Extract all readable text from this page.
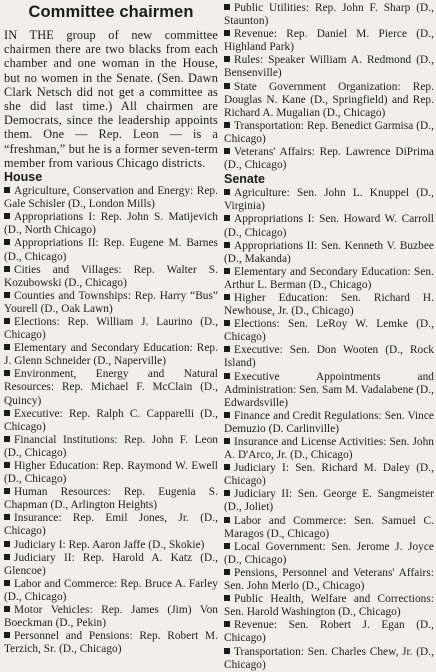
Committee chairmen

IN THE group of new committee chairmen there are two blacks from each chamber and one woman in the House, but no women in the Senate. (Sen. Dawn Clark Netsch did not get a committee as she did last time.) All chairmen are Democrats, since the leadership appoints them. One — Rep. Leon — is a “freshman,” but he is a former seven-term member from various Chicago districts.

House
Agriculture, Conservation and Energy: Rep. Gale Schisler (D., London Mills)
Appropriations I: Rep. John S. Matijevich (D., North Chicago)
Appropriations II: Rep. Eugene M. Barnes (D., Chicago)
Cities and Villages: Rep. Walter S. Kozubowski (D., Chicago)
Counties and Townships: Rep. Harry “Bus” Yourell (D., Oak Lawn)
Elections: Rep. William J. Laurino (D., Chicago)
Elementary and Secondary Education: Rep. J. Glenn Schneider (D., Naperville)
Environment, Energy and Natural Resources: Rep. Michael F. McClain (D., Quincy)
Executive: Rep. Ralph C. Capparelli (D., Chicago)
Financial Institutions: Rep. John F. Leon (D., Chicago)
Higher Education: Rep. Raymond W. Ewell (D., Chicago)
Human Resources: Rep. Eugenia S. Chapman (D., Arlington Heights)
Insurance: Rep. Emil Jones, Jr. (D., Chicago)
Judiciary I: Rep. Aaron Jaffe (D., Skokie)
Judiciary II: Rep. Harold A. Katz (D., Glencoe)
Labor and Commerce: Rep. Bruce A. Farley (D., Chicago)
Motor Vehicles: Rep. James (Jim) Von Boeckman (D., Pekin)
Personnel and Pensions: Rep. Robert M. Terzich, Sr. (D., Chicago)
Public Utilities: Rep. John F. Sharp (D., Staunton)
Revenue: Rep. Daniel M. Pierce (D., Highland Park)
Rules: Speaker William A. Redmond (D., Bensenville)
State Government Organization: Rep. Douglas N. Kane (D., Springfield) and Rep. Richard A. Mugalian (D., Chicago)
Transportation: Rep. Benedict Garmisa (D., Chicago)
Veterans' Affairs: Rep. Lawrence DiPrima (D., Chicago)
Senate
Agriculture: Sen. John L. Knuppel (D., Virginia)
Appropriations I: Sen. Howard W. Carroll (D., Chicago)
Appropriations II: Sen. Kenneth V. Buzbee (D., Makanda)
Elementary and Secondary Education: Sen. Arthur L. Berman (D., Chicago)
Higher Education: Sen. Richard H. Newhouse, Jr. (D., Chicago)
Elections: Sen. LeRoy W. Lemke (D., Chicago)
Executive: Sen. Don Wooten (D., Rock Island)
Executive Appointments and Administration: Sen. Sam M. Vadalabene (D., Edwardsville)
Finance and Credit Regulations: Sen. Vince Demuzio (D. Carlinville)
Insurance and License Activities: Sen. John A. D'Arco, Jr. (D., Chicago)
Judiciary I: Sen. Richard M. Daley (D., Chicago)
Judiciary II: Sen. George E. Sangmeister (D., Joliet)
Labor and Commerce: Sen. Samuel C. Maragos (D., Chicago)
Local Government: Sen. Jerome J. Joyce (D., Chicago)
Pensions, Personnel and Veterans' Affairs: Sen. John Merlo (D., Chicago)
Public Health, Welfare and Corrections: Sen. Harold Washington (D., Chicago)
Revenue: Sen. Robert J. Egan (D., Chicago)
Transportation: Sen. Charles Chew, Jr. (D., Chicago)
